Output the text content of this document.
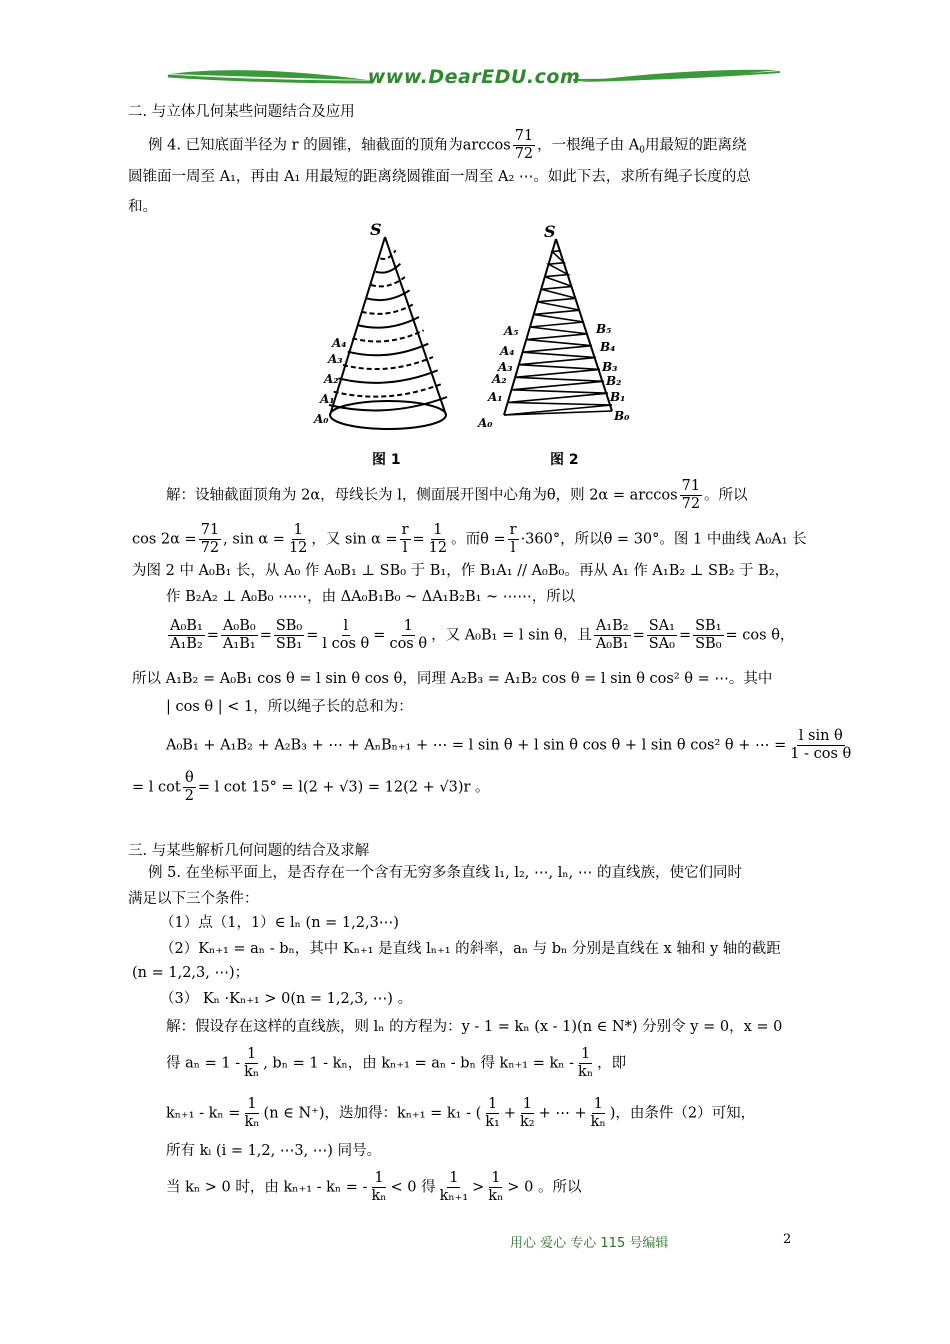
www.DearEDU.com
二. 与立体几何某些问题结合及应用
例 4. 已知底面半径为 r 的圆锥，轴截面的顶角为$\arccos \frac{71}{72}$ ，一根绳子由 $A_0$用最短的距离绕
圆锥面一周至 A₁，再由 A₁ 用最短的距离绕圆锥面一周至 A₂ ⋯。如此下去，求所有绳子长度的总
和。
S
A₄
A₃
A₂
A₁
A₀
图 1
S
A₅
A₄
A₃
A₂
A₁
A₀
B₅
B₄
B₃
B₂
B₁
B₀
图 2
解：设轴截面顶角为 2α，母线长为 l，侧面展开图中心角为θ，则 $2\alpha = \arccos \frac{71}{72}$ 。所以
$\cos 2\alpha = \frac{71}{72}$ , $\sin \alpha = \frac{1}{12}$ ，又 $\sin \alpha = \frac{r}{l} = \frac{1}{12}$ 。而$\theta = \frac{r}{l} \cdot 360^\circ$，所以θ = 30°。图 1 中曲线 A₀A₁ 长
为图 2 中 A₀B₁ 长，从 A₀ 作 A₀B₁ ⊥ SB₀ 于 B₁，作 B₁A₁ // A₀B₀。再从 A₁ 作 A₁B₂ ⊥ SB₂ 于 B₂，
作 B₂A₂ ⊥ A₀B₀ ⋯⋯，由 ΔA₀B₁B₀ ~ ΔA₁B₂B₁ ~ ⋯⋯，所以
$\frac{\text{A₀B₁}}{\text{A₁B₂}} = \frac{\text{A₀B₀}}{\text{A₁B₁}} = \frac{\text{SB₀}}{\text{SB₁}} = \frac{l}{\text{l cos θ}} = \frac{1}{\text{cos θ}}$ ，又 A₀B₁ = l sin θ，且 $\frac{\text{A₁B₂}}{\text{A₀B₁}} = \frac{\text{SA₁}}{\text{SA₀}} = \frac{\text{SB₁}}{\text{SB₀}} = \cos \theta$，
所以 A₁B₂ = A₀B₁ cos θ = l sin θ cos θ，同理 A₂B₃ = A₁B₂ cos θ = l sin θ cos² θ = ⋯。其中
| cos θ | < 1，所以绳子长的总和为：
A₀B₁ + A₁B₂ + A₂B₃ + ⋯ + AₙBₙ₊₁ + ⋯ = l sin θ + l sin θ cos θ + l sin θ cos² θ + ⋯ = $\frac{\text{l sin θ}}{\text{1 - cos θ}}$
= l $\cot \frac{\theta}{2} = l$ cot 15° = l(2 + √3) = 12(2 + √3)r 。
三. 与某些解析几何问题的结合及求解
例 5. 在坐标平面上，是否存在一个含有无穷多条直线 l₁, l₂, ⋯, lₙ, ⋯ 的直线族，使它们同时
满足以下三个条件：
（1）点（1，1）∈ lₙ (n = 1,2,3⋯)
（2）Kₙ₊₁ = aₙ - bₙ，其中 Kₙ₊₁ 是直线 lₙ₊₁ 的斜率，aₙ 与 bₙ 分别是直线在 x 轴和 y 轴的截距
(n = 1,2,3, ⋯)；
（3） Kₙ ·Kₙ₊₁ > 0(n = 1,2,3, ⋯) 。
解：假设存在这样的直线族，则 lₙ 的方程为：y - 1 = kₙ (x - 1)(n ∈ N*) 分别令 y = 0，x = 0
得 $a_n = 1 - \frac{1}{\text{kₙ}}$ , bₙ = 1 - kₙ，由 kₙ₊₁ = aₙ - bₙ 得 $k_{n+1} = k_n - \frac{1}{\text{kₙ}}$ ，即
$k_{n+1} - k_n = \frac{1}{\text{kₙ}} (n$ ∈ N⁺)，迭加得：kₙ₊₁ = k₁ - ( $\frac{1}{\text{k₁}} + \frac{1}{\text{k₂}}$ + ⋯ + $\frac{1}{\text{kₙ}}$ )，由条件（2）可知，
所有 kᵢ (i = 1,2, ⋯3, ⋯) 同号。
当 kₙ > 0 时，由 kₙ₊₁ - kₙ = - $\frac{1}{\text{kₙ}} < 0$ 得 $\frac{1}{\text{kₙ₊₁}} > \frac{1}{\text{kₙ}} > 0$ 。所以
用心 爱心 专心 115 号编辑	2
